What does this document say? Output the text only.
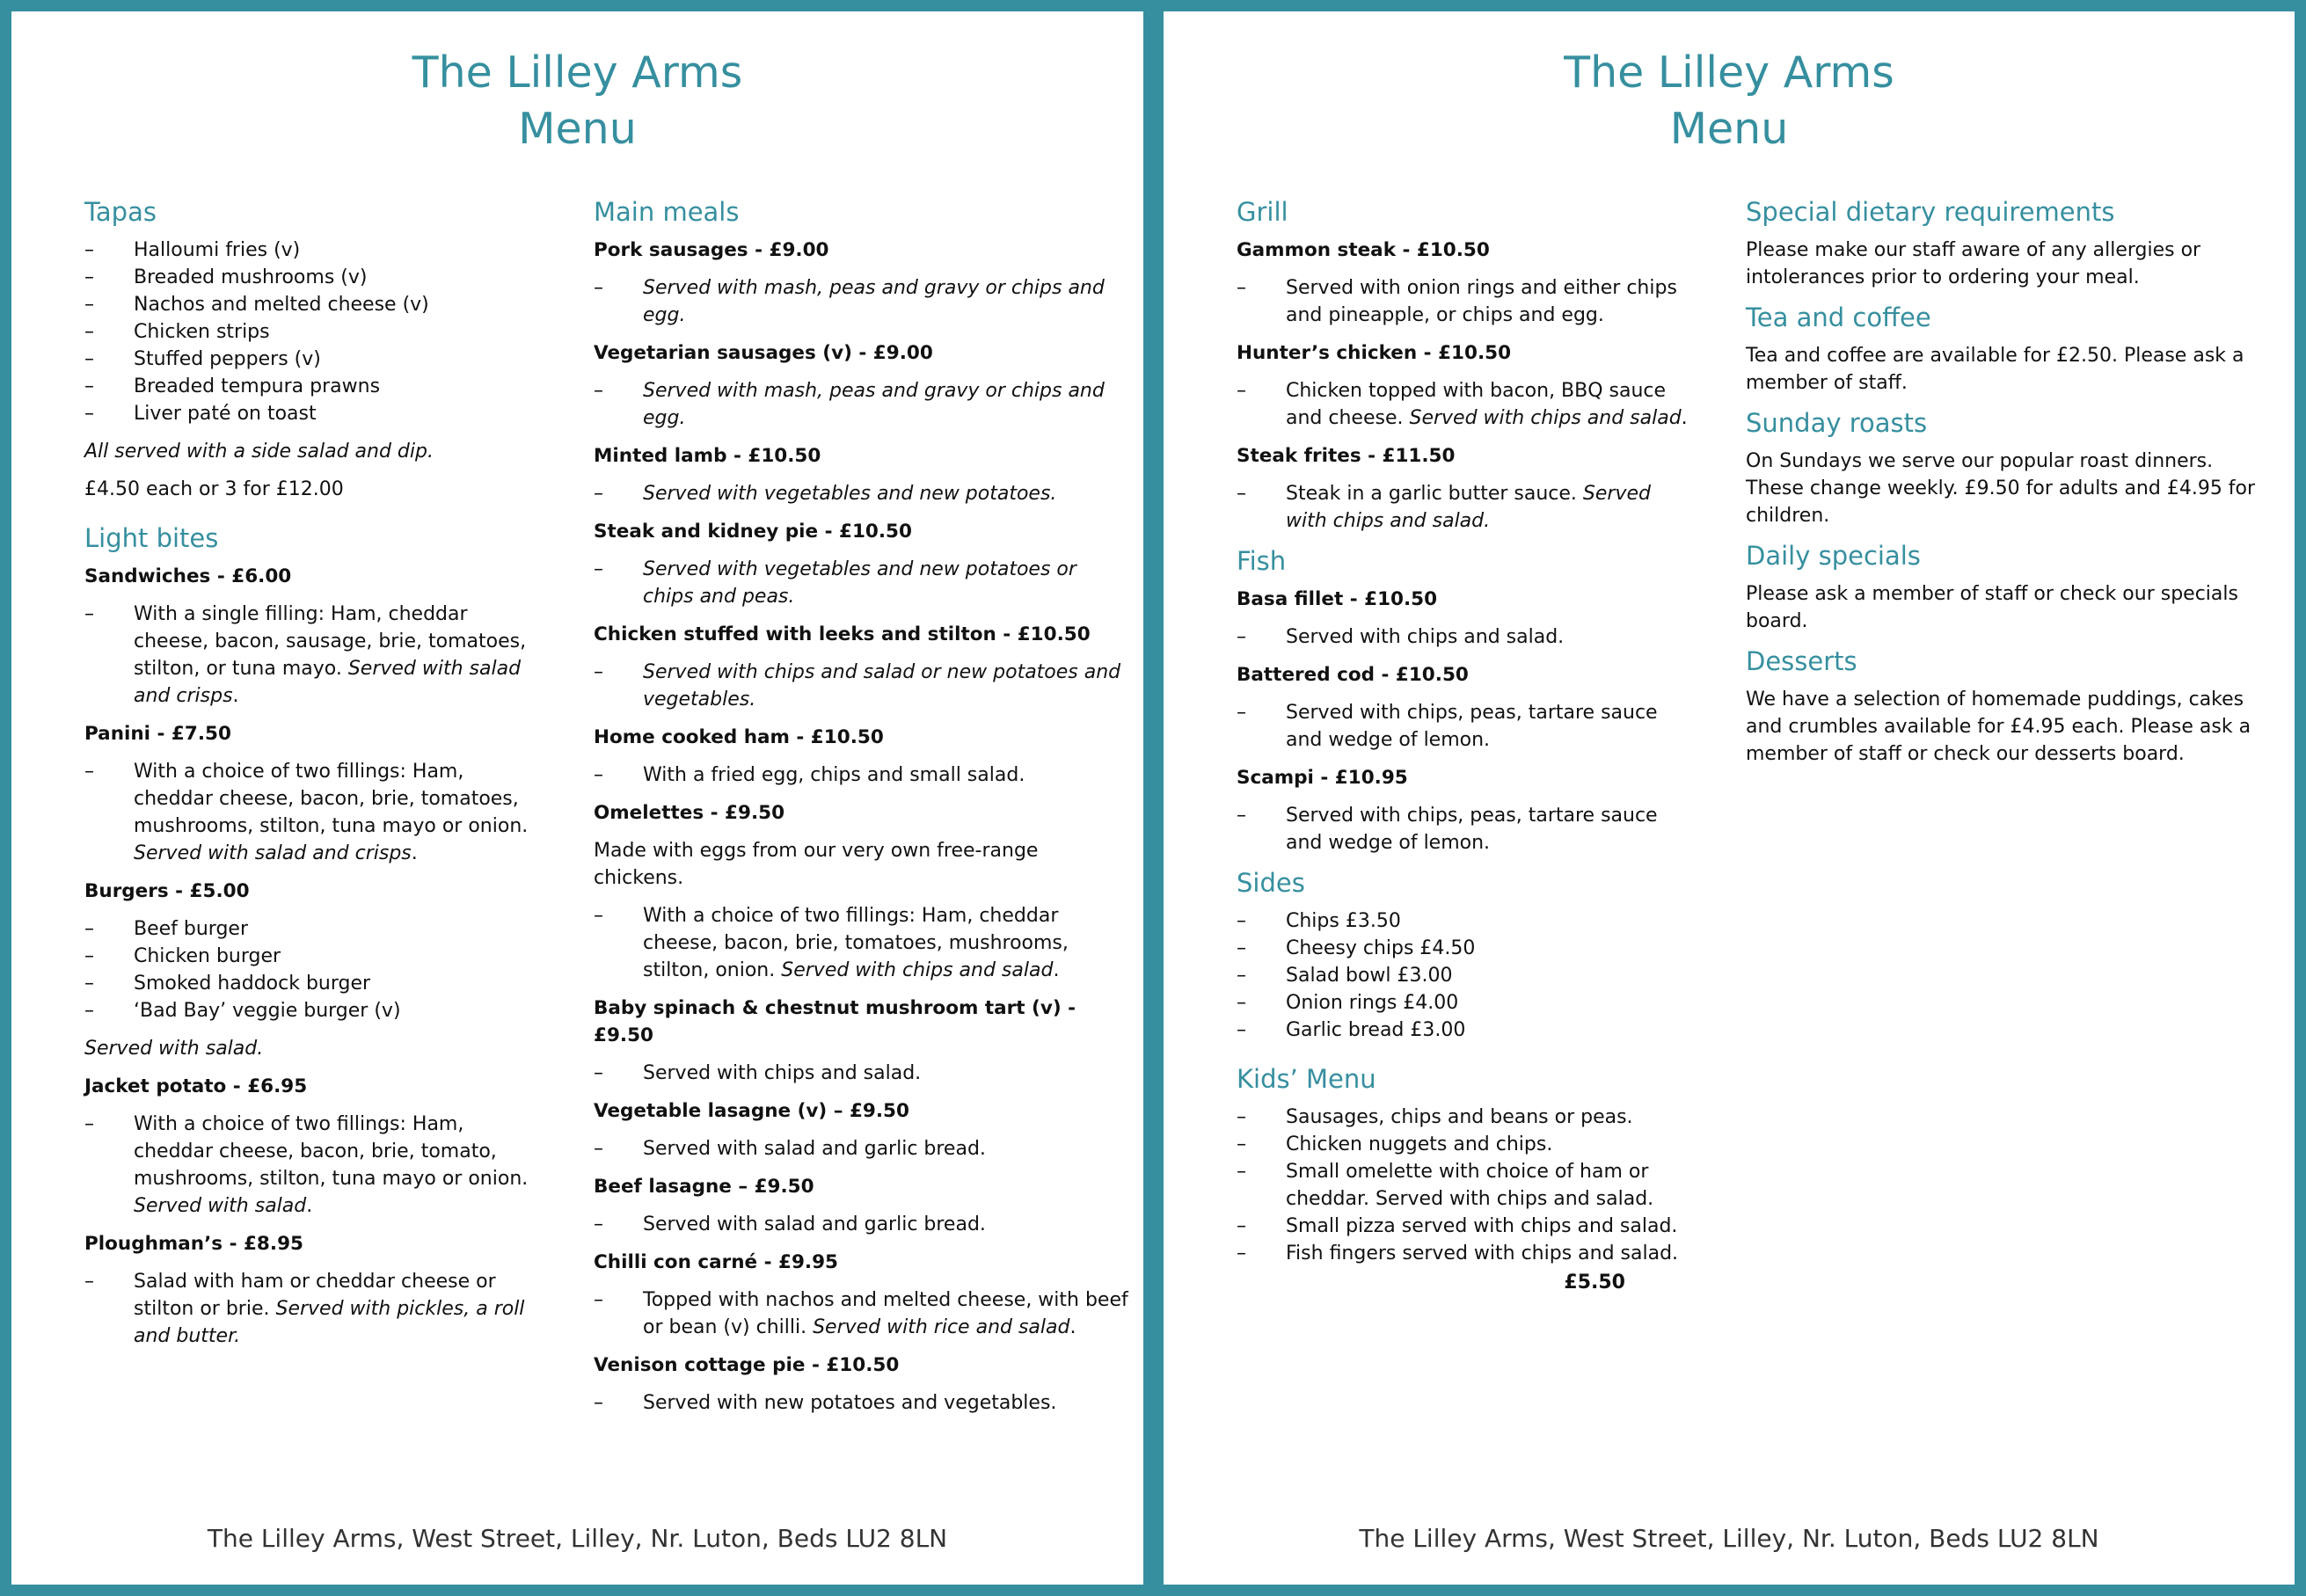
The Lilley Arms
Menu
Tapas
–	Halloumi fries (v)
–	Breaded mushrooms (v)
–	Nachos and melted cheese (v)
–	Chicken strips
–	Stuffed peppers (v)
–	Breaded tempura prawns
–	Liver paté on toast

All served with a side salad and dip.

£4.50 each or 3 for £12.00

Light bites
Sandwiches - £6.00
–	With a single filling: Ham, cheddar cheese, bacon, sausage, brie, tomatoes, stilton, or tuna mayo. Served with salad and crisps.
Panini - £7.50
–	With a choice of two fillings: Ham, cheddar cheese, bacon, brie, tomatoes, mushrooms, stilton, tuna mayo or onion. Served with salad and crisps.
Burgers - £5.00
–	Beef burger
–	Chicken burger
–	Smoked haddock burger
–	‘Bad Bay’ veggie burger (v)

Served with salad.

Jacket potato - £6.95
–	With a choice of two fillings: Ham, cheddar cheese, bacon, brie, tomato, mushrooms, stilton, tuna mayo or onion. Served with salad.
Ploughman’s - £8.95
–	Salad with ham or cheddar cheese or stilton or brie. Served with pickles, a roll and butter.
Main meals
Pork sausages - £9.00
–	Served with mash, peas and gravy or chips and egg.
Vegetarian sausages (v) - £9.00
–	Served with mash, peas and gravy or chips and egg.
Minted lamb - £10.50
–	Served with vegetables and new potatoes.
Steak and kidney pie - £10.50
–	Served with vegetables and new potatoes or chips and peas.
Chicken stuffed with leeks and stilton - £10.50
–	Served with chips and salad or new potatoes and vegetables.
Home cooked ham - £10.50
–	With a fried egg, chips and small salad.
Omelettes - £9.50

Made with eggs from our very own free-range chickens.

–	With a choice of two fillings: Ham, cheddar cheese, bacon, brie, tomatoes, mushrooms, stilton, onion. Served with chips and salad.
Baby spinach & chestnut mushroom tart (v) - £9.50
–	Served with chips and salad.
Vegetable lasagne (v) – £9.50
–	Served with salad and garlic bread.
Beef lasagne – £9.50
–	Served with salad and garlic bread.
Chilli con carné - £9.95
–	Topped with nachos and melted cheese, with beef or bean (v) chilli. Served with rice and salad.
Venison cottage pie - £10.50
–	Served with new potatoes and vegetables.
The Lilley Arms, West Street, Lilley, Nr. Luton, Beds LU2 8LN
The Lilley Arms
Menu
Grill
Gammon steak - £10.50
–	Served with onion rings and either chips and pineapple, or chips and egg.
Hunter’s chicken - £10.50
–	Chicken topped with bacon, BBQ sauce and cheese. Served with chips and salad.
Steak frites - £11.50
–	Steak in a garlic butter sauce. Served with chips and salad.
Fish
Basa fillet - £10.50
–	Served with chips and salad.
Battered cod - £10.50
–	Served with chips, peas, tartare sauce and wedge of lemon.
Scampi - £10.95
–	Served with chips, peas, tartare sauce and wedge of lemon.
Sides
–	Chips £3.50
–	Cheesy chips £4.50
–	Salad bowl £3.00
–	Onion rings £4.00
–	Garlic bread £3.00
Kids’ Menu
–	Sausages, chips and beans or peas.
–	Chicken nuggets and chips.
–	Small omelette with choice of ham or cheddar. Served with chips and salad.
–	Small pizza served with chips and salad.
–	Fish fingers served with chips and salad.
£5.50
Special dietary requirements

Please make our staff aware of any allergies or intolerances prior to ordering your meal.

Tea and coffee

Tea and coffee are available for £2.50. Please ask a member of staff.

Sunday roasts

On Sundays we serve our popular roast dinners. These change weekly. £9.50 for adults and £4.95 for children.

Daily specials

Please ask a member of staff or check our specials board.

Desserts

We have a selection of homemade puddings, cakes and crumbles available for £4.95 each. Please ask a member of staff or check our desserts board.

The Lilley Arms, West Street, Lilley, Nr. Luton, Beds LU2 8LN
